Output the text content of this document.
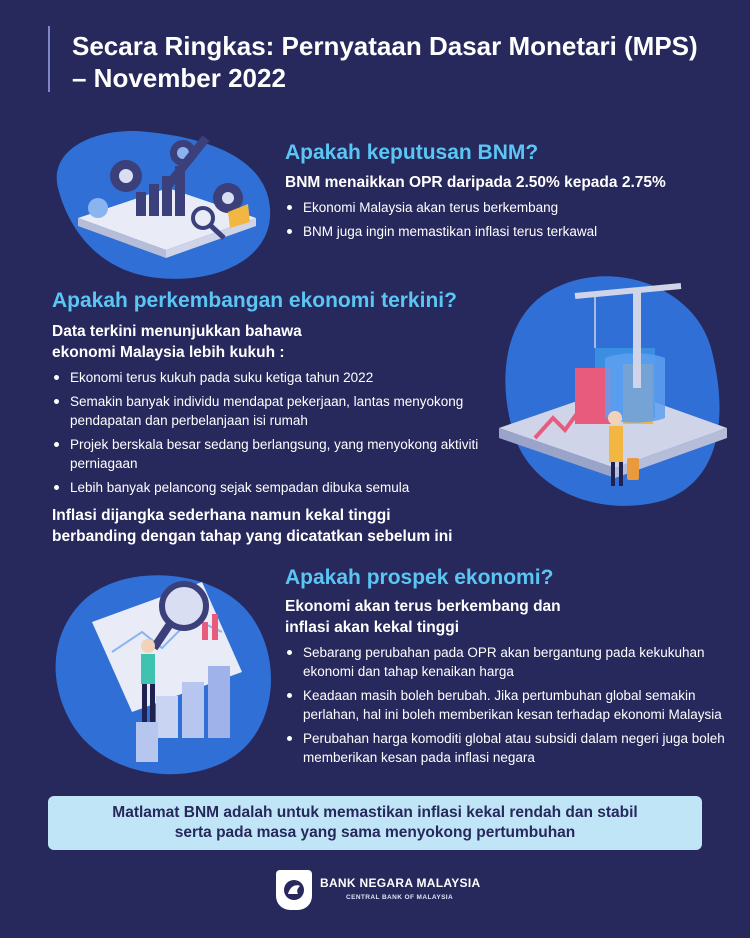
Secara Ringkas: Pernyataan Dasar Monetari (MPS) – November 2022
Apakah keputusan BNM?

BNM menaikkan OPR daripada 2.50% kepada 2.75%

Ekonomi Malaysia akan terus berkembang
BNM juga ingin memastikan inflasi terus terkawal
Apakah perkembangan ekonomi terkini?

Data terkini menunjukkan bahawa

ekonomi Malaysia lebih kukuh :

Ekonomi terus kukuh pada suku ketiga tahun 2022
Semakin banyak individu mendapat pekerjaan, lantas menyokong pendapatan dan perbelanjaan isi rumah
Projek berskala besar sedang berlangsung, yang menyokong aktiviti perniagaan
Lebih banyak pelancong sejak sempadan dibuka semula

Inflasi dijangka sederhana namun kekal tinggi

berbanding dengan tahap yang dicatatkan sebelum ini

Apakah prospek ekonomi?

Ekonomi akan terus berkembang dan

inflasi akan kekal tinggi

Sebarang perubahan pada OPR akan bergantung pada kekukuhan ekonomi dan tahap kenaikan harga
Keadaan masih boleh berubah. Jika pertumbuhan global semakin perlahan, hal ini boleh memberikan kesan terhadap ekonomi Malaysia
Perubahan harga komoditi global atau subsidi dalam negeri juga boleh memberikan kesan pada inflasi negara
Matlamat BNM adalah untuk memastikan inflasi kekal rendah dan stabil
serta pada masa yang sama menyokong pertumbuhan
BANK NEGARA MALAYSIA
CENTRAL BANK OF MALAYSIA
